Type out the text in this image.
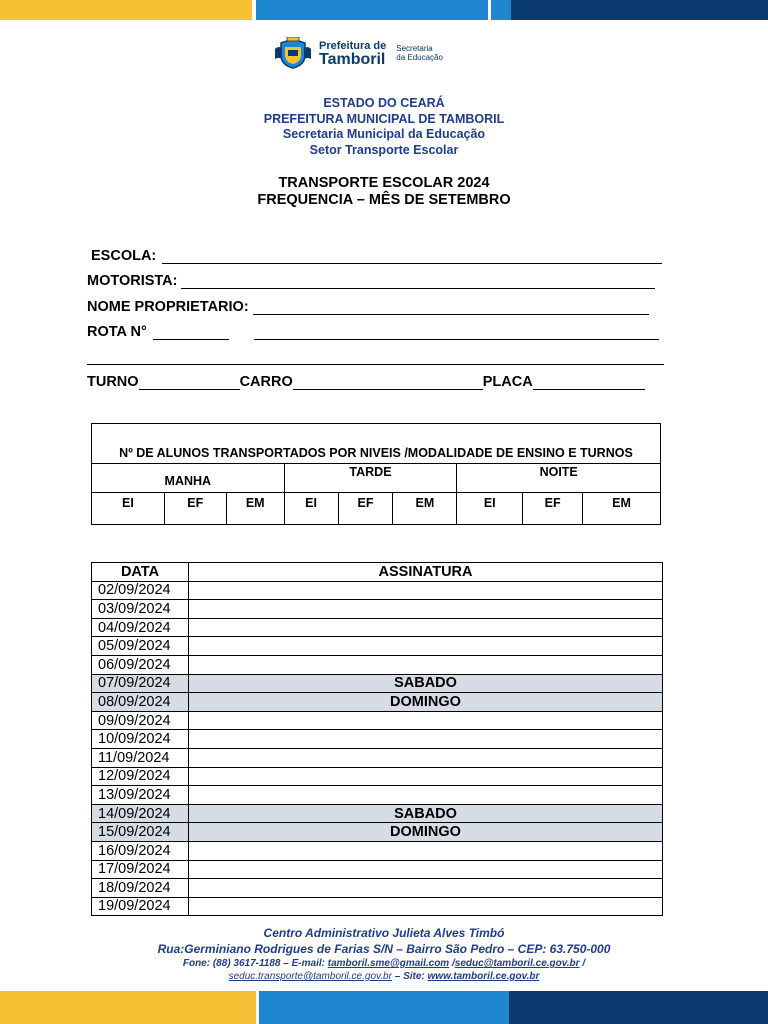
Prefeitura de
Tamboril
Secretaria
da Educação
ESTADO DO CEARÁ
PREFEITURA MUNICIPAL DE TAMBORIL
Secretaria Municipal da Educação
Setor Transporte Escolar
TRANSPORTE ESCOLAR 2024
FREQUENCIA – MÊS DE SETEMBRO
ESCOLA:
MOTORISTA:
NOME PROPRIETARIO:
ROTA N°
TURNO	CARRO	PLACA
Nº DE ALUNOS TRANSPORTADOS POR NIVEIS /MODALIDADE DE ENSINO E TURNOS								
MANHA			TARDE			NOITE		
EI	EF	EM	EI	EF	EM	EI	EF	EM
DATA	ASSINATURA
02/09/2024	
03/09/2024	
04/09/2024	
05/09/2024	
06/09/2024	
07/09/2024	SABADO
08/09/2024	DOMINGO
09/09/2024	
10/09/2024	
11/09/2024	
12/09/2024	
13/09/2024	
14/09/2024	SABADO
15/09/2024	DOMINGO
16/09/2024	
17/09/2024	
18/09/2024	
19/09/2024	
Centro Administrativo Julieta Alves Timbó
Rua:Germiniano Rodrigues de Farias S/N – Bairro São Pedro – CEP: 63.750-000
Fone: (88) 3617-1188 – E-mail: tamboril.sme@gmail.com /seduc@tamboril.ce.gov.br /
seduc.transporte@tamboril.ce.gov.br – Site: www.tamboril.ce.gov.br
